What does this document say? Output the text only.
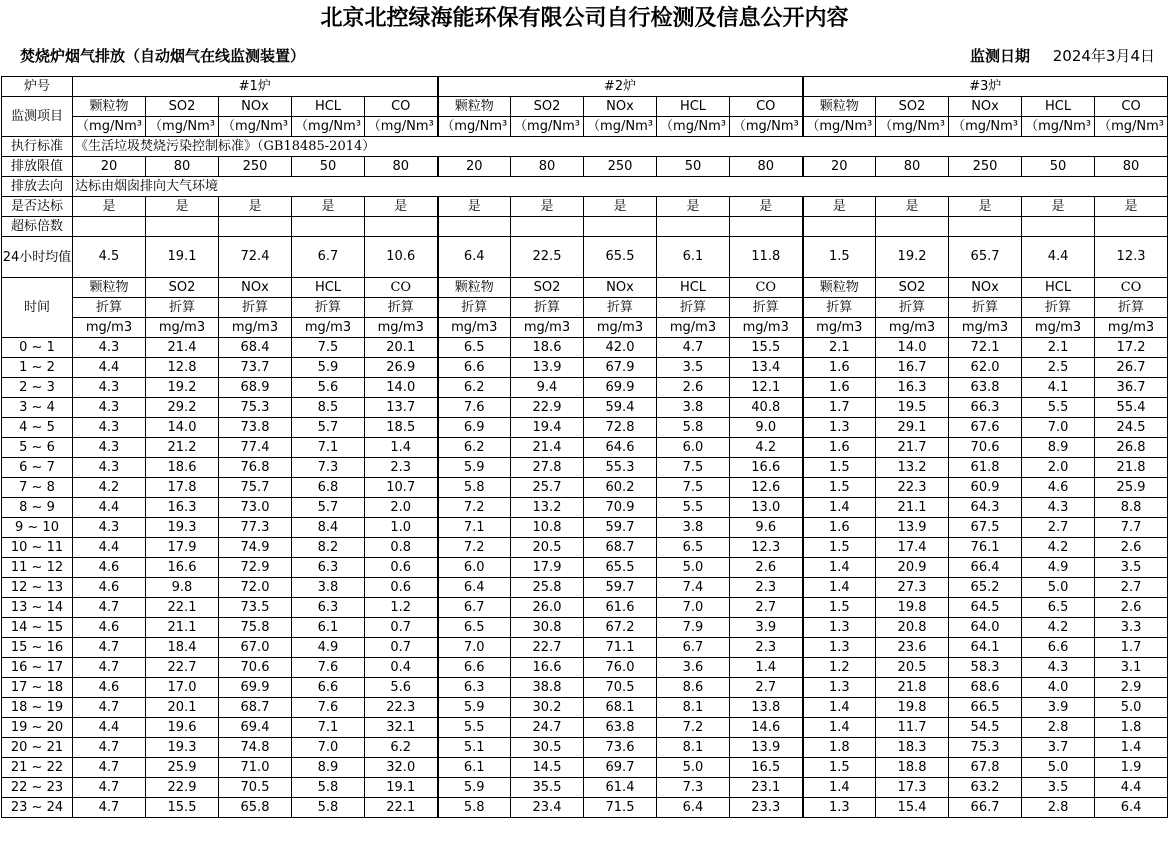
北京北控绿海能环保有限公司自行检测及信息公开内容
焚烧炉烟气排放（自动烟气在线监测装置）	监测日期 2024年3月4日
炉号	#1炉					#2炉					#3炉				
监测项目	颗粒物	SO2	NOx	HCL	CO	颗粒物	SO2	NOx	HCL	CO	颗粒物	SO2	NOx	HCL	CO
	（mg/Nm³	（mg/Nm³	（mg/Nm³	（mg/Nm³	（mg/Nm³	（mg/Nm³	（mg/Nm³	（mg/Nm³	（mg/Nm³	（mg/Nm³	（mg/Nm³	（mg/Nm³	（mg/Nm³	（mg/Nm³	（mg/Nm³
执行标准	《生活垃圾焚烧污染控制标准》（GB18485-2014）														
排放限值	20	80	250	50	80	20	80	250	50	80	20	80	250	50	80
排放去向	达标由烟囱排向大气环境														
是否达标	是	是	是	是	是	是	是	是	是	是	是	是	是	是	是
超标倍数															
24小时均值	4.5	19.1	72.4	6.7	10.6	6.4	22.5	65.5	6.1	11.8	1.5	19.2	65.7	4.4	12.3
时间	颗粒物	SO2	NOx	HCL	CO	颗粒物	SO2	NOx	HCL	CO	颗粒物	SO2	NOx	HCL	CO
	折算	折算	折算	折算	折算	折算	折算	折算	折算	折算	折算	折算	折算	折算	折算
	mg/m3	mg/m3	mg/m3	mg/m3	mg/m3	mg/m3	mg/m3	mg/m3	mg/m3	mg/m3	mg/m3	mg/m3	mg/m3	mg/m3	mg/m3
0 ~ 1	4.3	21.4	68.4	7.5	20.1	6.5	18.6	42.0	4.7	15.5	2.1	14.0	72.1	2.1	17.2
1 ~ 2	4.4	12.8	73.7	5.9	26.9	6.6	13.9	67.9	3.5	13.4	1.6	16.7	62.0	2.5	26.7
2 ~ 3	4.3	19.2	68.9	5.6	14.0	6.2	9.4	69.9	2.6	12.1	1.6	16.3	63.8	4.1	36.7
3 ~ 4	4.3	29.2	75.3	8.5	13.7	7.6	22.9	59.4	3.8	40.8	1.7	19.5	66.3	5.5	55.4
4 ~ 5	4.3	14.0	73.8	5.7	18.5	6.9	19.4	72.8	5.8	9.0	1.3	29.1	67.6	7.0	24.5
5 ~ 6	4.3	21.2	77.4	7.1	1.4	6.2	21.4	64.6	6.0	4.2	1.6	21.7	70.6	8.9	26.8
6 ~ 7	4.3	18.6	76.8	7.3	2.3	5.9	27.8	55.3	7.5	16.6	1.5	13.2	61.8	2.0	21.8
7 ~ 8	4.2	17.8	75.7	6.8	10.7	5.8	25.7	60.2	7.5	12.6	1.5	22.3	60.9	4.6	25.9
8 ~ 9	4.4	16.3	73.0	5.7	2.0	7.2	13.2	70.9	5.5	13.0	1.4	21.1	64.3	4.3	8.8
9 ~ 10	4.3	19.3	77.3	8.4	1.0	7.1	10.8	59.7	3.8	9.6	1.6	13.9	67.5	2.7	7.7
10 ~ 11	4.4	17.9	74.9	8.2	0.8	7.2	20.5	68.7	6.5	12.3	1.5	17.4	76.1	4.2	2.6
11 ~ 12	4.6	16.6	72.9	6.3	0.6	6.0	17.9	65.5	5.0	2.6	1.4	20.9	66.4	4.9	3.5
12 ~ 13	4.6	9.8	72.0	3.8	0.6	6.4	25.8	59.7	7.4	2.3	1.4	27.3	65.2	5.0	2.7
13 ~ 14	4.7	22.1	73.5	6.3	1.2	6.7	26.0	61.6	7.0	2.7	1.5	19.8	64.5	6.5	2.6
14 ~ 15	4.6	21.1	75.8	6.1	0.7	6.5	30.8	67.2	7.9	3.9	1.3	20.8	64.0	4.2	3.3
15 ~ 16	4.7	18.4	67.0	4.9	0.7	7.0	22.7	71.1	6.7	2.3	1.3	23.6	64.1	6.6	1.7
16 ~ 17	4.7	22.7	70.6	7.6	0.4	6.6	16.6	76.0	3.6	1.4	1.2	20.5	58.3	4.3	3.1
17 ~ 18	4.6	17.0	69.9	6.6	5.6	6.3	38.8	70.5	8.6	2.7	1.3	21.8	68.6	4.0	2.9
18 ~ 19	4.7	20.1	68.7	7.6	22.3	5.9	30.2	68.1	8.1	13.8	1.4	19.8	66.5	3.9	5.0
19 ~ 20	4.4	19.6	69.4	7.1	32.1	5.5	24.7	63.8	7.2	14.6	1.4	11.7	54.5	2.8	1.8
20 ~ 21	4.7	19.3	74.8	7.0	6.2	5.1	30.5	73.6	8.1	13.9	1.8	18.3	75.3	3.7	1.4
21 ~ 22	4.7	25.9	71.0	8.9	32.0	6.1	14.5	69.7	5.0	16.5	1.5	18.8	67.8	5.0	1.9
22 ~ 23	4.7	22.9	70.5	5.8	19.1	5.9	35.5	61.4	7.3	23.1	1.4	17.3	63.2	3.5	4.4
23 ~ 24	4.7	15.5	65.8	5.8	22.1	5.8	23.4	71.5	6.4	23.3	1.3	15.4	66.7	2.8	6.4
